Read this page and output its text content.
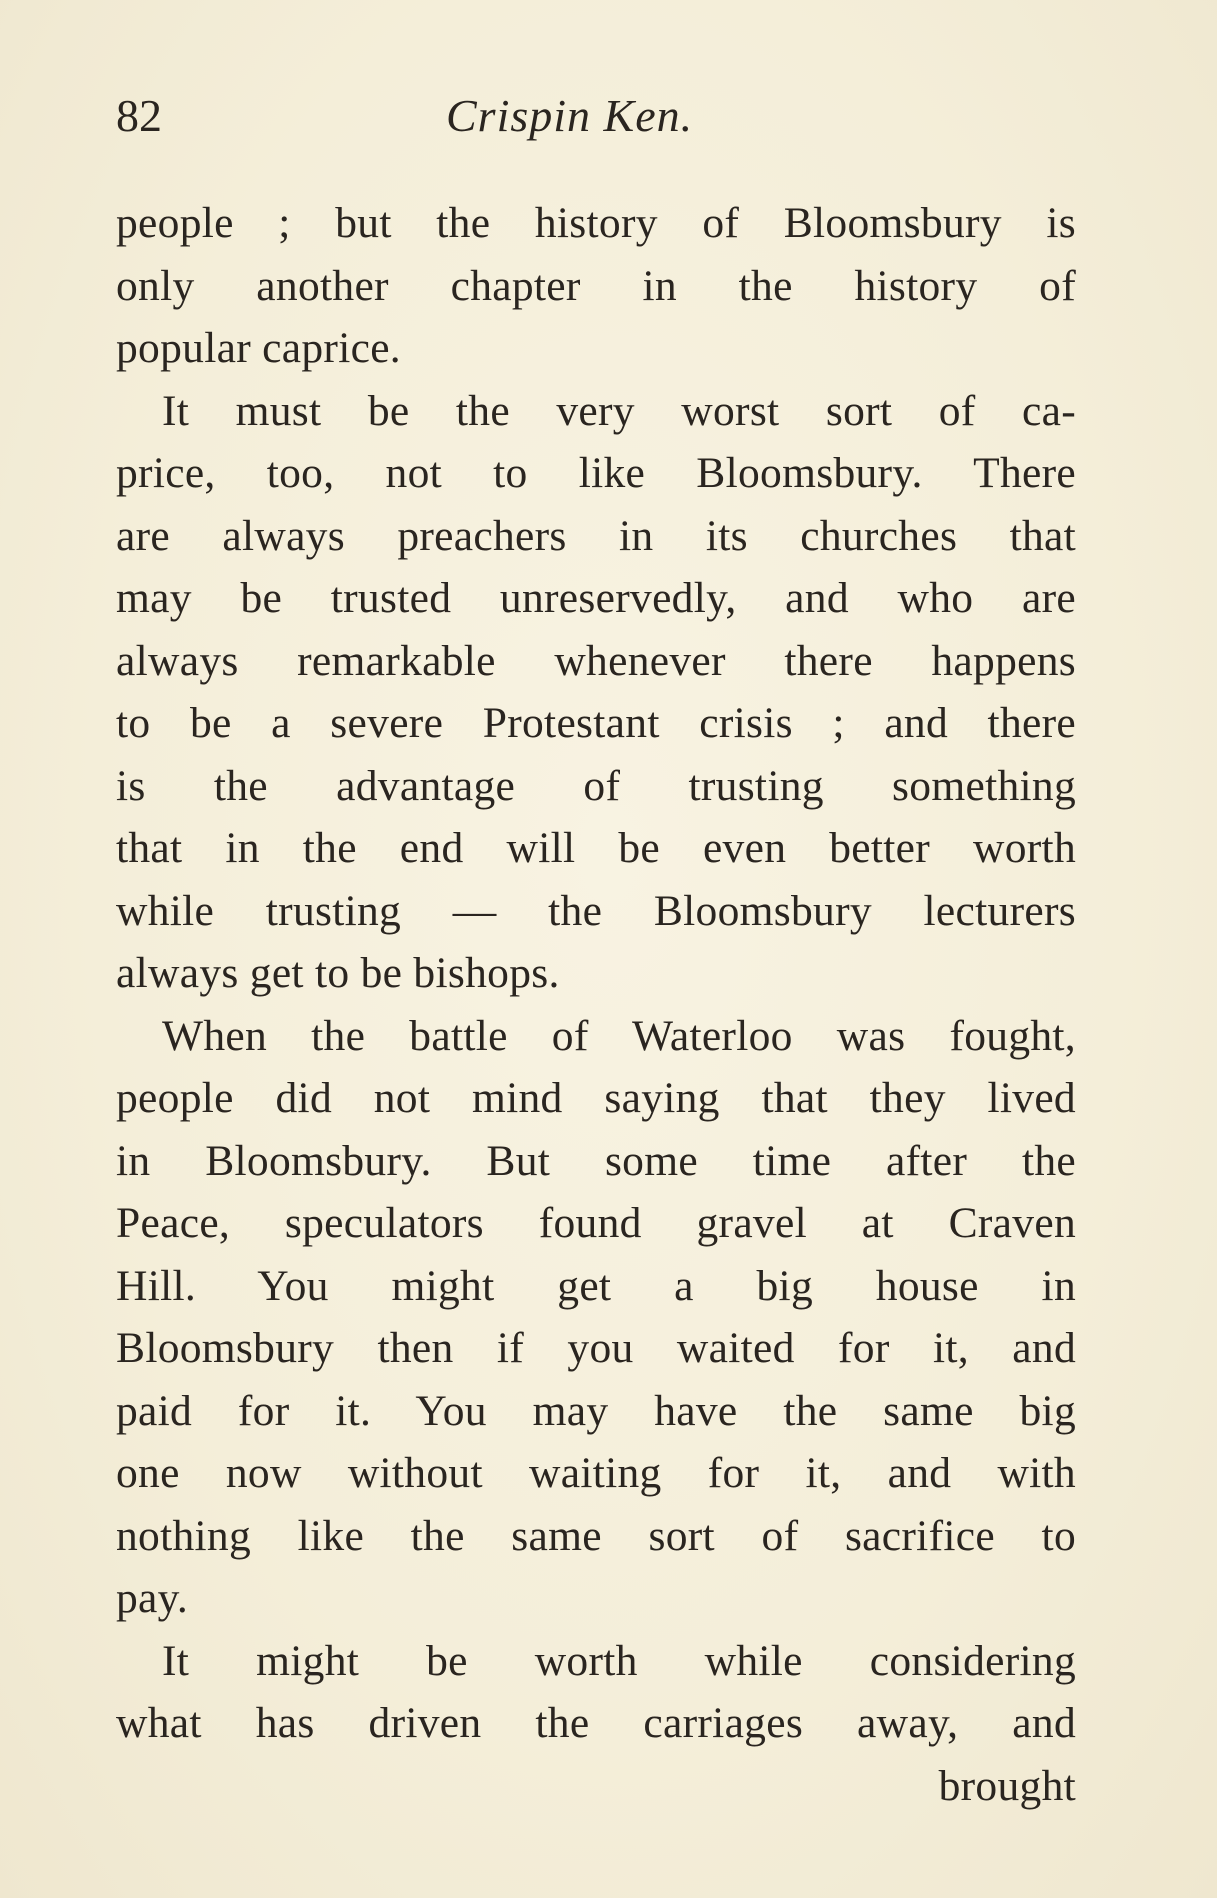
82	Crispin Ken.
people ; but the history of Bloomsbury is
only another chapter in the history of
popular caprice.
It must be the very worst sort of ca-
price, too, not to like Bloomsbury. There
are always preachers in its churches that
may be trusted unreservedly, and who are
always remarkable whenever there happens
to be a severe Protestant crisis ; and there
is the advantage of trusting something
that in the end will be even better worth
while trusting — the Bloomsbury lecturers
always get to be bishops.
When the battle of Waterloo was fought,
people did not mind saying that they lived
in Bloomsbury. But some time after the
Peace, speculators found gravel at Craven
Hill. You might get a big house in
Bloomsbury then if you waited for it, and
paid for it. You may have the same big
one now without waiting for it, and with
nothing like the same sort of sacrifice to
pay.
It might be worth while considering
what has driven the carriages away, and
brought
